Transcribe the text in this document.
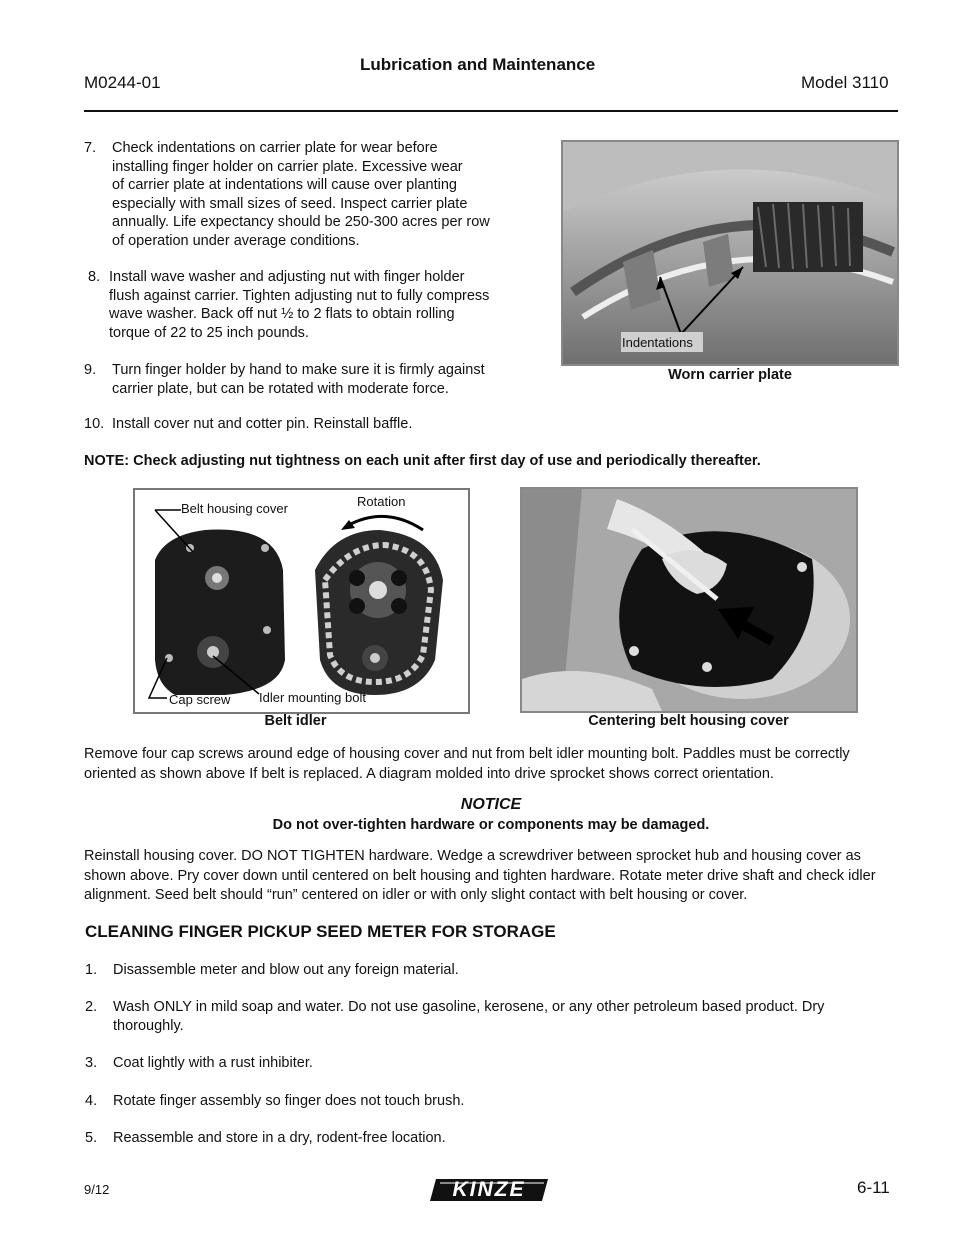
M0244-01
Lubrication and Maintenance
Model 3110
7. Check indentations on carrier plate for wear before
installing finger holder on carrier plate. Excessive wear
of carrier plate at indentations will cause over planting
especially with small sizes of seed. Inspect carrier plate
annually. Life expectancy should be 250-300 acres per row
of operation under average conditions.
8. Install wave washer and adjusting nut with finger holder
flush against carrier. Tighten adjusting nut to fully compress
wave washer. Back off nut ½ to 2 flats to obtain rolling
torque of 22 to 25 inch pounds.
9. Turn finger holder by hand to make sure it is firmly against
carrier plate, but can be rotated with moderate force.
10. Install cover nut and cotter pin. Reinstall baffle.
Indentations
Worn carrier plate
NOTE: Check adjusting nut tightness on each unit after first day of use and periodically thereafter.
Belt housing cover	Rotation
Cap screw Idler mounting bolt
Belt idler	Centering belt housing cover
Remove four cap screws around edge of housing cover and nut from belt idler mounting bolt. Paddles must be correctly oriented as shown above If belt is replaced. A diagram molded into drive sprocket shows correct orientation.
NOTICE
Do not over-tighten hardware or components may be damaged.
Reinstall housing cover. DO NOT TIGHTEN hardware. Wedge a screwdriver between sprocket hub and housing cover as shown above. Pry cover down until centered on belt housing and tighten hardware. Rotate meter drive shaft and check idler alignment. Seed belt should “run” centered on idler or with only slight contact with belt housing or cover.
CLEANING FINGER PICKUP SEED METER FOR STORAGE
1. Disassemble meter and blow out any foreign material.
2. Wash ONLY in mild soap and water. Do not use gasoline, kerosene, or any other petroleum based product. Dry
thoroughly.
3. Coat lightly with a rust inhibiter.
4. Rotate finger assembly so finger does not touch brush.
5. Reassemble and store in a dry, rodent-free location.
9/12	KINZE	6-11
